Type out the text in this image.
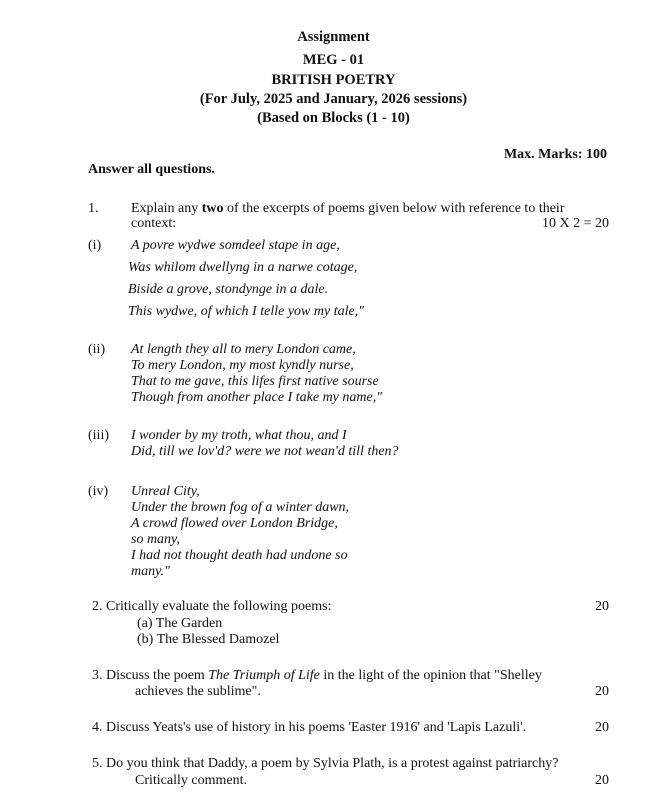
Assignment
MEG - 01
BRITISH POETRY
(For July, 2025 and January, 2026 sessions)
(Based on Blocks (1 - 10)
Max. Marks: 100
Answer all questions.
1. Explain any two of the excerpts of poems given below with reference to their
context:	10 X 2 = 20
(i) A povre wydwe somdeel stape in age,
Was whilom dwellyng in a narwe cotage,
Biside a grove, stondynge in a dale.
This wydwe, of which I telle yow my tale,"
(ii) At length they all to mery London came,
To mery London, my most kyndly nurse,
That to me gave, this lifes first native sourse
Though from another place I take my name,"
(iii) I wonder by my troth, what thou, and I
Did, till we lov'd? were we not wean'd till then?
(iv) Unreal City,
Under the brown fog of a winter dawn,
A crowd flowed over London Bridge,
so many,
I had not thought death had undone so
many."
2. Critically evaluate the following poems:	20
(a) The Garden
(b) The Blessed Damozel
3. Discuss the poem The Triumph of Life in the light of the opinion that "Shelley
achieves the sublime".	20
4. Discuss Yeats's use of history in his poems 'Easter 1916' and 'Lapis Lazuli'.	20
5. Do you think that Daddy, a poem by Sylvia Plath, is a protest against patriarchy?
Critically comment.	20
